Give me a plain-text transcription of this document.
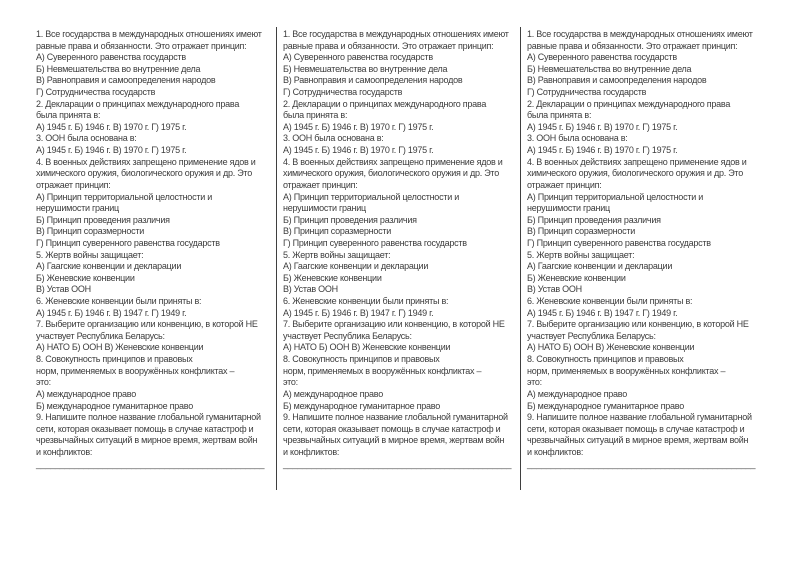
1. Все государства в международных отношениях имеют
равные права и обязанности. Это отражает принцип:
А) Суверенного равенства государств
Б) Невмешательства во внутренние дела
В) Равноправия и самоопределения народов
Г) Сотрудничества государств
2. Декларации о принципах международного права
была принята в:
А) 1945 г. Б) 1946 г. В) 1970 г. Г) 1975 г.
3. ООН была основана в:
А) 1945 г. Б) 1946 г. В) 1970 г. Г) 1975 г.
4. В военных действиях запрещено применение ядов и
химического оружия, биологического оружия и др. Это
отражает принцип:
А) Принцип территориальной целостности и
нерушимости границ
Б) Принцип проведения различия
В) Принцип соразмерности
Г) Принцип суверенного равенства государств
5. Жертв войны защищает:
А) Гаагские конвенции и декларации
Б) Женевские конвенции
В) Устав ООН
6. Женевские конвенции были приняты в:
А) 1945 г. Б) 1946 г. В) 1947 г. Г) 1949 г.
7. Выберите организацию или конвенцию, в которой НЕ
участвует Республика Беларусь:
А) НАТО Б) ООН В) Женевские конвенции
8. Совокупность принципов и правовых
норм, применяемых в вооружённых конфликтах –
это:
А) международное право
Б) международное гуманитарное право
9. Напишите полное название глобальной гуманитарной
сети, которая оказывает помощь в случае катастроф и
чрезвычайных ситуаций в мирное время, жертвам войн
и конфликтов:
________________________________________________
1. Все государства в международных отношениях имеют
равные права и обязанности. Это отражает принцип:
А) Суверенного равенства государств
Б) Невмешательства во внутренние дела
В) Равноправия и самоопределения народов
Г) Сотрудничества государств
2. Декларации о принципах международного права
была принята в:
А) 1945 г. Б) 1946 г. В) 1970 г. Г) 1975 г.
3. ООН была основана в:
А) 1945 г. Б) 1946 г. В) 1970 г. Г) 1975 г.
4. В военных действиях запрещено применение ядов и
химического оружия, биологического оружия и др. Это
отражает принцип:
А) Принцип территориальной целостности и
нерушимости границ
Б) Принцип проведения различия
В) Принцип соразмерности
Г) Принцип суверенного равенства государств
5. Жертв войны защищает:
А) Гаагские конвенции и декларации
Б) Женевские конвенции
В) Устав ООН
6. Женевские конвенции были приняты в:
А) 1945 г. Б) 1946 г. В) 1947 г. Г) 1949 г.
7. Выберите организацию или конвенцию, в которой НЕ
участвует Республика Беларусь:
А) НАТО Б) ООН В) Женевские конвенции
8. Совокупность принципов и правовых
норм, применяемых в вооружённых конфликтах –
это:
А) международное право
Б) международное гуманитарное право
9. Напишите полное название глобальной гуманитарной
сети, которая оказывает помощь в случае катастроф и
чрезвычайных ситуаций в мирное время, жертвам войн
и конфликтов:
________________________________________________
1. Все государства в международных отношениях имеют
равные права и обязанности. Это отражает принцип:
А) Суверенного равенства государств
Б) Невмешательства во внутренние дела
В) Равноправия и самоопределения народов
Г) Сотрудничества государств
2. Декларации о принципах международного права
была принята в:
А) 1945 г. Б) 1946 г. В) 1970 г. Г) 1975 г.
3. ООН была основана в:
А) 1945 г. Б) 1946 г. В) 1970 г. Г) 1975 г.
4. В военных действиях запрещено применение ядов и
химического оружия, биологического оружия и др. Это
отражает принцип:
А) Принцип территориальной целостности и
нерушимости границ
Б) Принцип проведения различия
В) Принцип соразмерности
Г) Принцип суверенного равенства государств
5. Жертв войны защищает:
А) Гаагские конвенции и декларации
Б) Женевские конвенции
В) Устав ООН
6. Женевские конвенции были приняты в:
А) 1945 г. Б) 1946 г. В) 1947 г. Г) 1949 г.
7. Выберите организацию или конвенцию, в которой НЕ
участвует Республика Беларусь:
А) НАТО Б) ООН В) Женевские конвенции
8. Совокупность принципов и правовых
норм, применяемых в вооружённых конфликтах –
это:
А) международное право
Б) международное гуманитарное право
9. Напишите полное название глобальной гуманитарной
сети, которая оказывает помощь в случае катастроф и
чрезвычайных ситуаций в мирное время, жертвам войн
и конфликтов:
________________________________________________
